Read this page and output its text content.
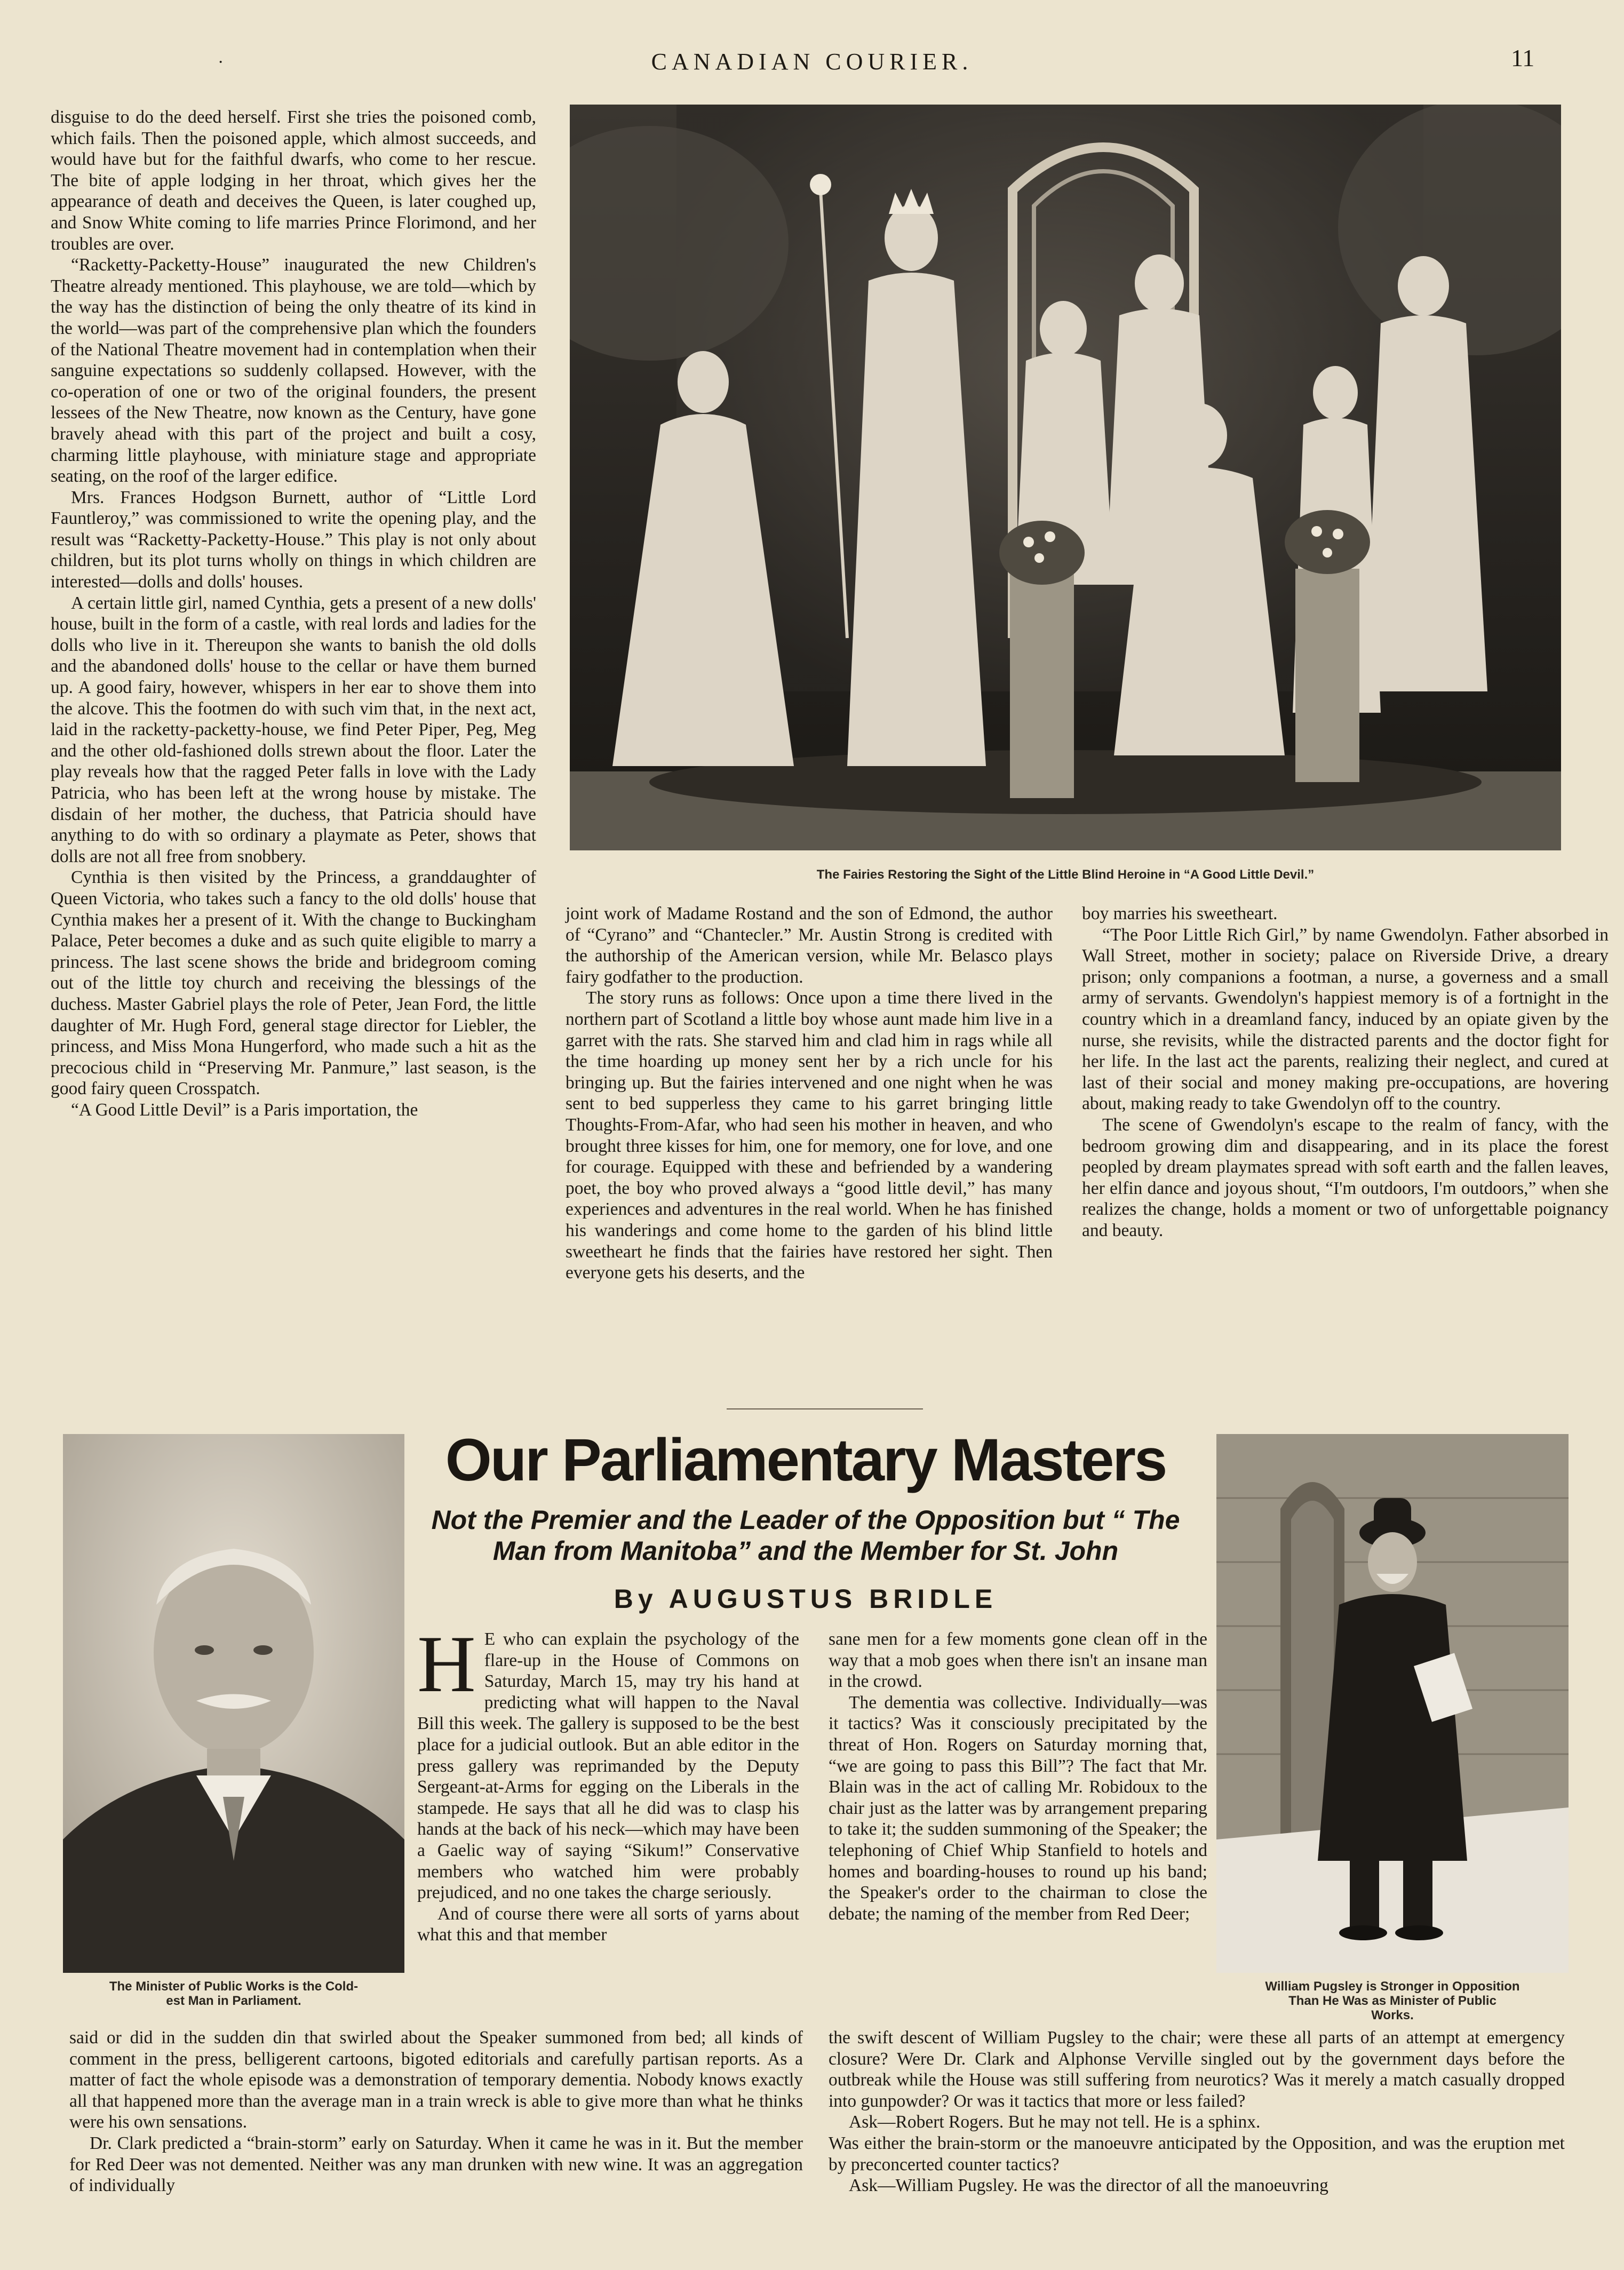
·	CANADIAN COURIER.	11

disguise to do the deed herself. First she tries the poisoned comb, which fails. Then the poisoned apple, which almost succeeds, and would have but for the faithful dwarfs, who come to her rescue. The bite of apple lodging in her throat, which gives her the appearance of death and deceives the Queen, is later coughed up, and Snow White coming to life marries Prince Florimond, and her troubles are over.

“Racketty-Packetty-House” inaugurated the new Children's Theatre already mentioned. This playhouse, we are told—which by the way has the distinction of being the only theatre of its kind in the world—was part of the comprehensive plan which the founders of the National Theatre movement had in contemplation when their sanguine expectations so suddenly collapsed. However, with the co-operation of one or two of the original founders, the present lessees of the New Theatre, now known as the Century, have gone bravely ahead with this part of the project and built a cosy, charming little playhouse, with miniature stage and appropriate seating, on the roof of the larger edifice.

Mrs. Frances Hodgson Burnett, author of “Little Lord Fauntleroy,” was commissioned to write the opening play, and the result was “Racketty-Packetty-House.” This play is not only about children, but its plot turns wholly on things in which children are interested—dolls and dolls' houses.

A certain little girl, named Cynthia, gets a present of a new dolls' house, built in the form of a castle, with real lords and ladies for the dolls who live in it. Thereupon she wants to banish the old dolls and the abandoned dolls' house to the cellar or have them burned up. A good fairy, however, whispers in her ear to shove them into the alcove. This the footmen do with such vim that, in the next act, laid in the racketty-packetty-house, we find Peter Piper, Peg, Meg and the other old-fashioned dolls strewn about the floor. Later the play reveals how that the ragged Peter falls in love with the Lady Patricia, who has been left at the wrong house by mistake. The disdain of her mother, the duchess, that Patricia should have anything to do with so ordinary a playmate as Peter, shows that dolls are not all free from snobbery.

Cynthia is then visited by the Princess, a granddaughter of Queen Victoria, who takes such a fancy to the old dolls' house that Cynthia makes her a present of it. With the change to Buckingham Palace, Peter becomes a duke and as such quite eligible to marry a princess. The last scene shows the bride and bridegroom coming out of the little toy church and receiving the blessings of the duchess. Master Gabriel plays the role of Peter, Jean Ford, the little daughter of Mr. Hugh Ford, general stage director for Liebler, the princess, and Miss Mona Hungerford, who made such a hit as the precocious child in “Preserving Mr. Panmure,” last season, is the good fairy queen Crosspatch.

“A Good Little Devil” is a Paris importation, the

The Fairies Restoring the Sight of the Little Blind Heroine in “A Good Little Devil.”

joint work of Madame Rostand and the son of Edmond, the author of “Cyrano” and “Chantecler.” Mr. Austin Strong is credited with the authorship of the American version, while Mr. Belasco plays fairy godfather to the production.

The story runs as follows: Once upon a time there lived in the northern part of Scotland a little boy whose aunt made him live in a garret with the rats. She starved him and clad him in rags while all the time hoarding up money sent her by a rich uncle for his bringing up. But the fairies intervened and one night when he was sent to bed supperless they came to his garret bringing little Thoughts-From-Afar, who had seen his mother in heaven, and who brought three kisses for him, one for memory, one for love, and one for courage. Equipped with these and befriended by a wandering poet, the boy who proved always a “good little devil,” has many experiences and adventures in the real world. When he has finished his wanderings and come home to the garden of his blind little sweetheart he finds that the fairies have restored her sight. Then everyone gets his deserts, and the

boy marries his sweetheart.

“The Poor Little Rich Girl,” by name Gwendolyn. Father absorbed in Wall Street, mother in society; palace on Riverside Drive, a dreary prison; only companions a footman, a nurse, a governess and a small army of servants. Gwendolyn's happiest memory is of a fortnight in the country which in a dreamland fancy, induced by an opiate given by the nurse, she revisits, while the distracted parents and the doctor fight for her life. In the last act the parents, realizing their neglect, and cured at last of their social and money making pre-occupations, are hovering about, making ready to take Gwendolyn off to the country.

The scene of Gwendolyn's escape to the realm of fancy, with the bedroom growing dim and disappearing, and in its place the forest peopled by dream playmates spread with soft earth and the fallen leaves, her elfin dance and joyous shout, “I'm outdoors, I'm outdoors,” when she realizes the change, holds a moment or two of unforgettable poignancy and beauty.

The Minister of Public Works is the Cold-
est Man in Parliament.
Our Parliamentary Masters
Not the Premier and the Leader of the Opposition but “ The
Man from Manitoba” and the Member for St. John
By AUGUSTUS BRIDLE

H E who can explain the psychology of the flare-up in the House of Commons on Saturday, March 15, may try his hand at predicting what will happen to the Naval Bill this week. The gallery is supposed to be the best place for a judicial outlook. But an able editor in the press gallery was reprimanded by the Deputy Sergeant-at-Arms for egging on the Liberals in the stampede. He says that all he did was to clasp his hands at the back of his neck—which may have been a Gaelic way of saying “Sikum!” Conservative members who watched him were probably prejudiced, and no one takes the charge seriously.

And of course there were all sorts of yarns about what this and that member

sane men for a few moments gone clean off in the way that a mob goes when there isn't an insane man in the crowd.

The dementia was collective. Individually—was it tactics? Was it consciously precipitated by the threat of Hon. Rogers on Saturday morning that, “we are going to pass this Bill”? The fact that Mr. Blain was in the act of calling Mr. Robidoux to the chair just as the latter was by arrangement preparing to take it; the sudden summoning of the Speaker; the telephoning of Chief Whip Stanfield to hotels and homes and boarding-houses to round up his band; the Speaker's order to the chairman to close the debate; the naming of the member from Red Deer;

William Pugsley is Stronger in Opposition
Than He Was as Minister of Public
Works.

said or did in the sudden din that swirled about the Speaker summoned from bed; all kinds of comment in the press, belligerent cartoons, bigoted editorials and carefully partisan reports. As a matter of fact the whole episode was a demonstration of temporary dementia. Nobody knows exactly all that happened more than the average man in a train wreck is able to give more than what he thinks were his own sensations.

Dr. Clark predicted a “brain-storm” early on Saturday. When it came he was in it. But the member for Red Deer was not demented. Neither was any man drunken with new wine. It was an aggregation of individually

the swift descent of William Pugsley to the chair; were these all parts of an attempt at emergency closure? Were Dr. Clark and Alphonse Verville singled out by the government days before the outbreak while the House was still suffering from neurotics? Was it merely a match casually dropped into gunpowder? Or was it tactics that more or less failed?

Ask—Robert Rogers. But he may not tell. He is a sphinx.

Was either the brain-storm or the manoeuvre anticipated by the Opposition, and was the eruption met by preconcerted counter tactics?

Ask—William Pugsley. He was the director of all the manoeuvring
